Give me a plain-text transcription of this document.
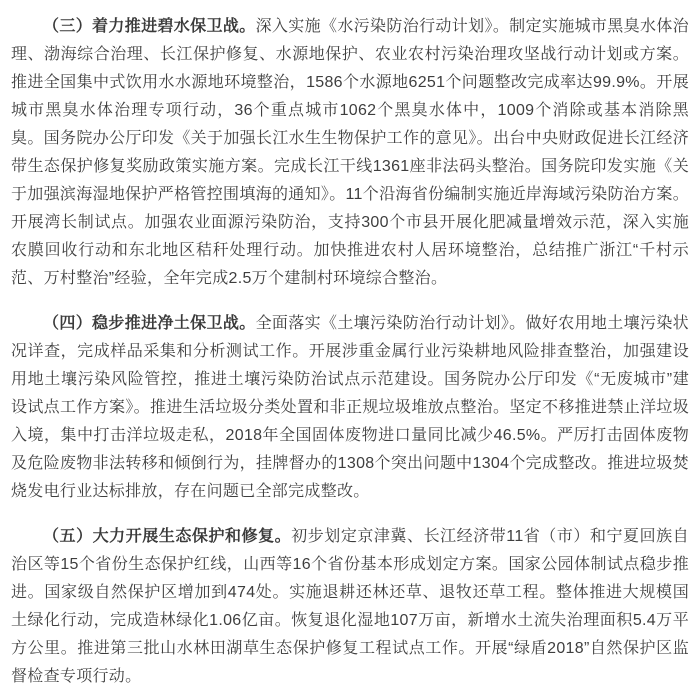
（三）着力推进碧水保卫战。深入实施《水污染防治行动计划》。制定实施城市黑臭水体治理、渤海综合治理、长江保护修复、水源地保护、农业农村污染治理攻坚战行动计划或方案。推进全国集中式饮用水水源地环境整治，1586个水源地6251个问题整改完成率达99.9%。开展城市黑臭水体治理专项行动，36个重点城市1062个黑臭水体中，1009个消除或基本消除黑臭。国务院办公厅印发《关于加强长江水生生物保护工作的意见》。出台中央财政促进长江经济带生态保护修复奖励政策实施方案。完成长江干线1361座非法码头整治。国务院印发实施《关于加强滨海湿地保护严格管控围填海的通知》。11个沿海省份编制实施近岸海域污染防治方案。开展湾长制试点。加强农业面源污染防治，支持300个市县开展化肥减量增效示范，深入实施农膜回收行动和东北地区秸秆处理行动。加快推进农村人居环境整治，总结推广浙江“千村示范、万村整治”经验，全年完成2.5万个建制村环境综合整治。

（四）稳步推进净土保卫战。全面落实《土壤污染防治行动计划》。做好农用地土壤污染状况详查，完成样品采集和分析测试工作。开展涉重金属行业污染耕地风险排查整治，加强建设用地土壤污染风险管控，推进土壤污染防治试点示范建设。国务院办公厅印发《“无废城市”建设试点工作方案》。推进生活垃圾分类处置和非正规垃圾堆放点整治。坚定不移推进禁止洋垃圾入境，集中打击洋垃圾走私，2018年全国固体废物进口量同比减少46.5%。严厉打击固体废物及危险废物非法转移和倾倒行为，挂牌督办的1308个突出问题中1304个完成整改。推进垃圾焚烧发电行业达标排放，存在问题已全部完成整改。

（五）大力开展生态保护和修复。初步划定京津冀、长江经济带11省（市）和宁夏回族自治区等15个省份生态保护红线，山西等16个省份基本形成划定方案。国家公园体制试点稳步推进。国家级自然保护区增加到474处。实施退耕还林还草、退牧还草工程。整体推进大规模国土绿化行动，完成造林绿化1.06亿亩。恢复退化湿地107万亩，新增水土流失治理面积5.4万平方公里。推进第三批山水林田湖草生态保护修复工程试点工作。开展“绿盾2018”自然保护区监督检查专项行动。
